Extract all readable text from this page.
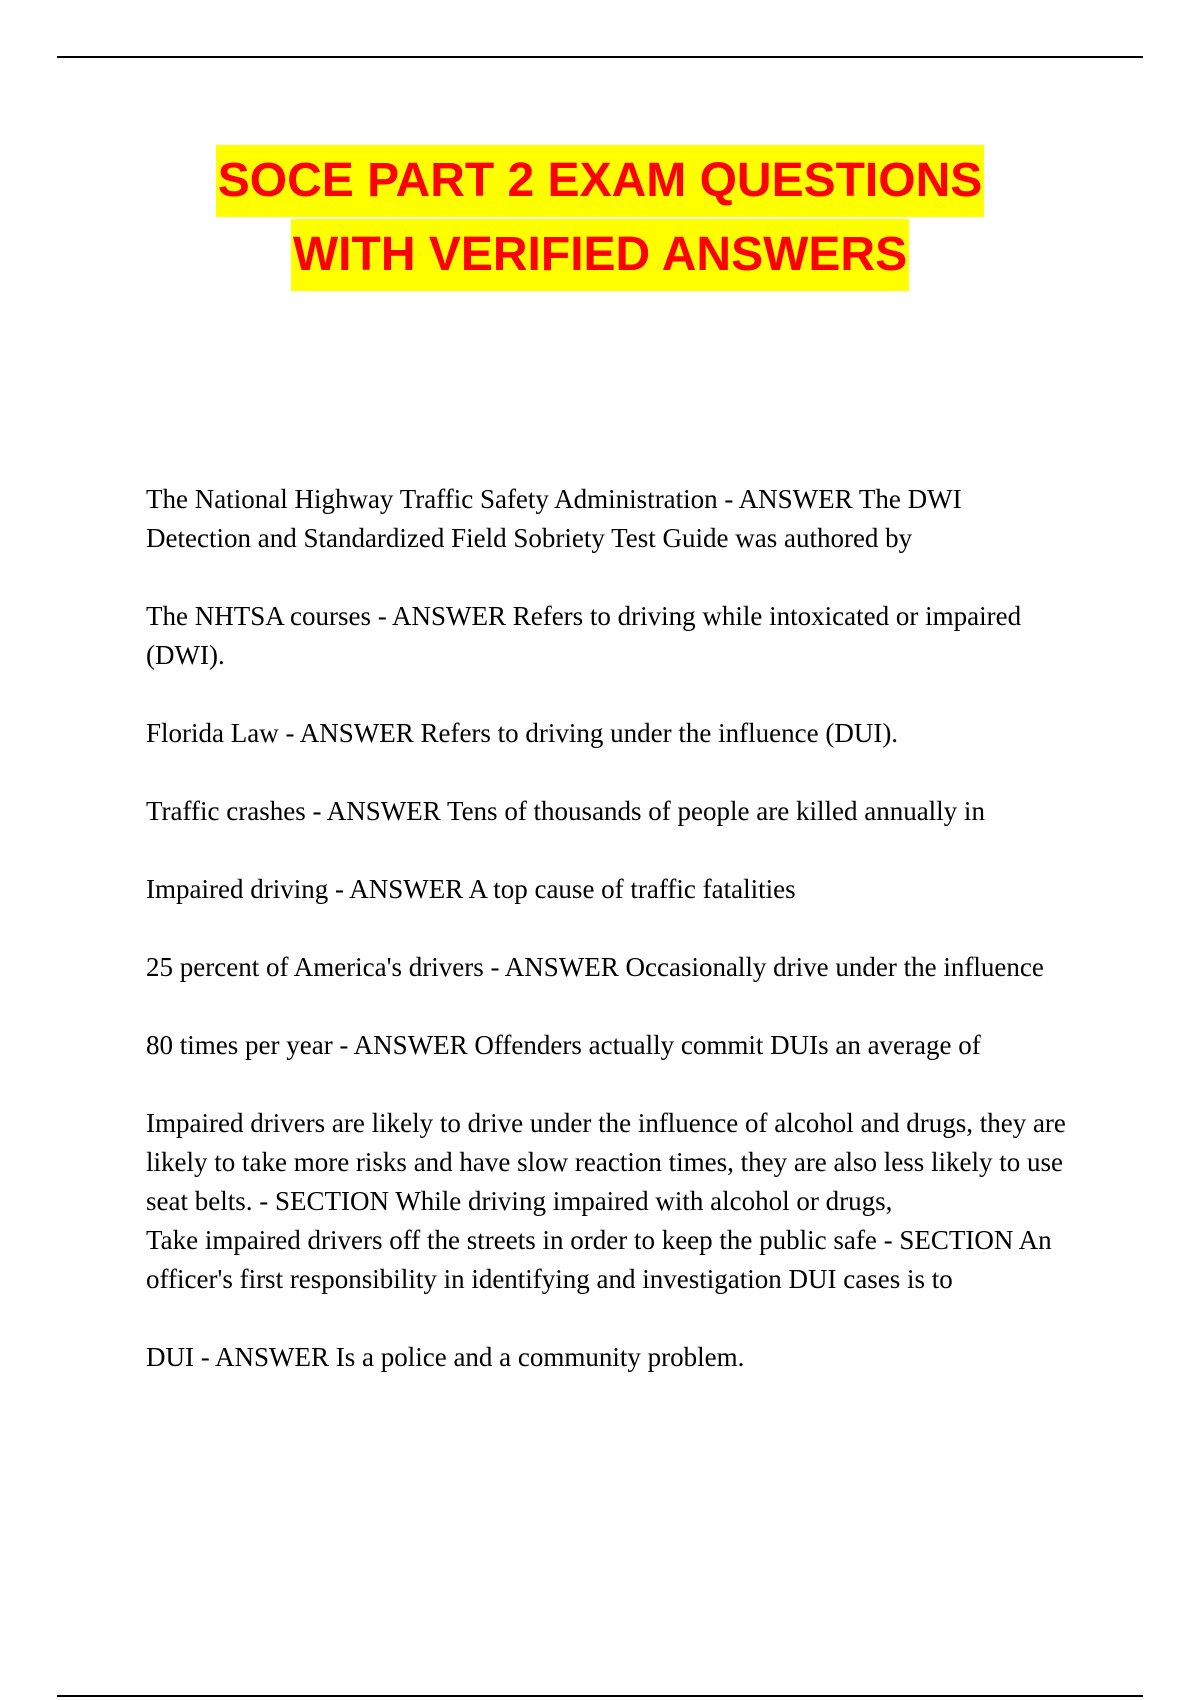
SOCE PART 2 EXAM QUESTIONS
WITH VERIFIED ANSWERS

The National Highway Traffic Safety Administration - ANSWER The DWI Detection and Standardized Field Sobriety Test Guide was authored by

The NHTSA courses - ANSWER Refers to driving while intoxicated or impaired (DWI).

Florida Law - ANSWER Refers to driving under the influence (DUI).

Traffic crashes - ANSWER Tens of thousands of people are killed annually in

Impaired driving - ANSWER A top cause of traffic fatalities

25 percent of America's drivers - ANSWER Occasionally drive under the influence

80 times per year - ANSWER Offenders actually commit DUIs an average of

Impaired drivers are likely to drive under the influence of alcohol and drugs, they are likely to take more risks and have slow reaction times, they are also less likely to use seat belts. - SECTION While driving impaired with alcohol or drugs,

Take impaired drivers off the streets in order to keep the public safe - SECTION An officer's first responsibility in identifying and investigation DUI cases is to

DUI - ANSWER Is a police and a community problem.
